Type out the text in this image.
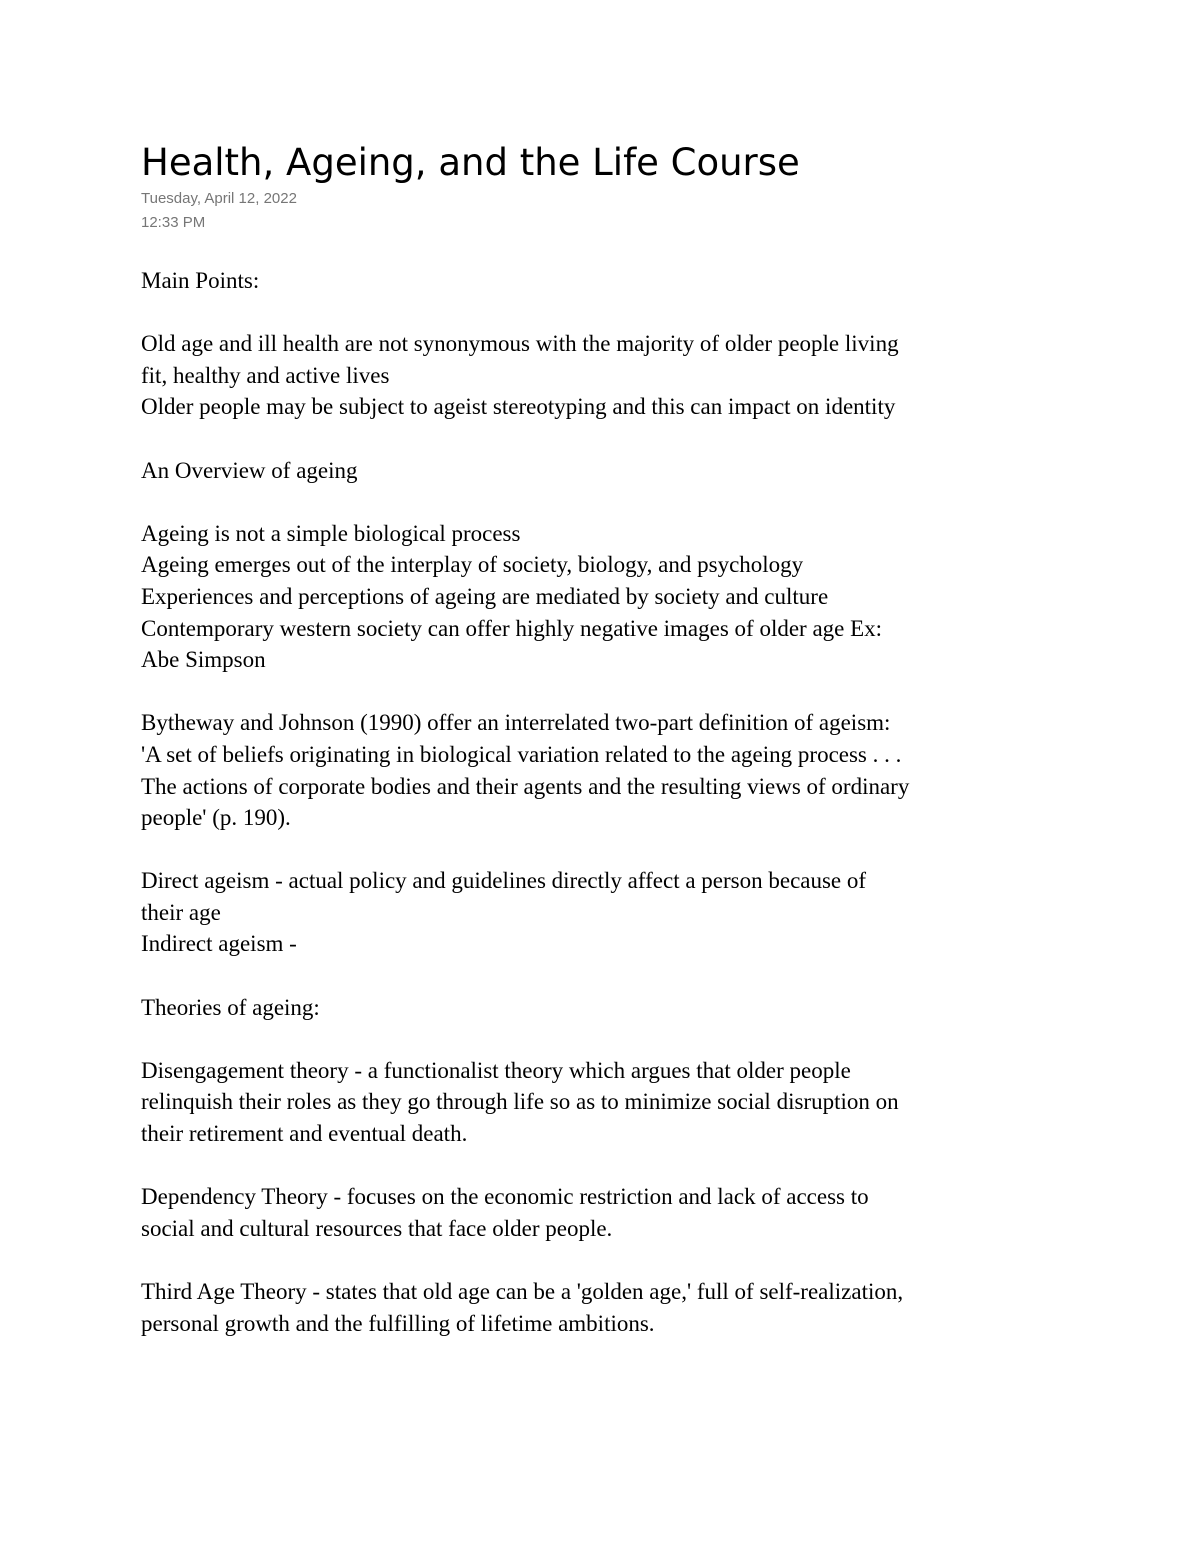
Health, Ageing, and the Life Course
Tuesday, April 12, 2022
12:33 PM

Main Points:

Old age and ill health are not synonymous with the majority of older people living

fit, healthy and active lives

Older people may be subject to ageist stereotyping and this can impact on identity

An Overview of ageing

Ageing is not a simple biological process

Ageing emerges out of the interplay of society, biology, and psychology

Experiences and perceptions of ageing are mediated by society and culture

Contemporary western society can offer highly negative images of older age Ex:

Abe Simpson

Bytheway and Johnson (1990) offer an interrelated two-part definition of ageism:

'A set of beliefs originating in biological variation related to the ageing process . . .

The actions of corporate bodies and their agents and the resulting views of ordinary

people' (p. 190).

Direct ageism - actual policy and guidelines directly affect a person because of

their age

Indirect ageism -

Theories of ageing:

Disengagement theory - a functionalist theory which argues that older people

relinquish their roles as they go through life so as to minimize social disruption on

their retirement and eventual death.

Dependency Theory - focuses on the economic restriction and lack of access to

social and cultural resources that face older people.

Third Age Theory - states that old age can be a 'golden age,' full of self-realization,

personal growth and the fulfilling of lifetime ambitions.
